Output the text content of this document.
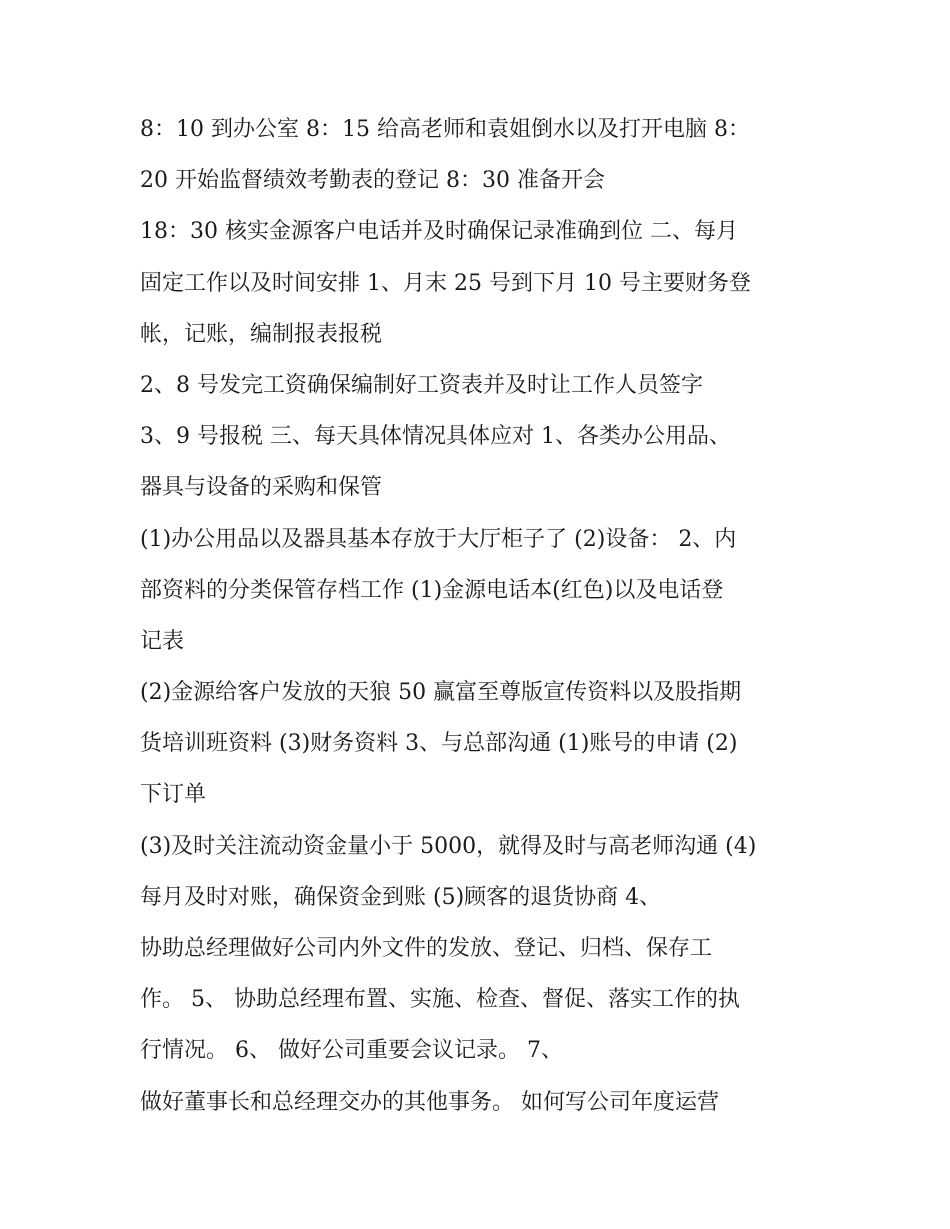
8：10 到办公室 8：15 给高老师和袁姐倒水以及打开电脑 8：
20 开始监督绩效考勤表的登记 8：30 准备开会
18：30 核实金源客户电话并及时确保记录准确到位 二、每月
固定工作以及时间安排 1、月末 25 号到下月 10 号主要财务登
帐，记账，编制报表报税
2、8 号发完工资确保编制好工资表并及时让工作人员签字
3、9 号报税 三、每天具体情况具体应对 1、各类办公用品、
器具与设备的采购和保管
(1)办公用品以及器具基本存放于大厅柜子了 (2)设备： 2、内
部资料的分类保管存档工作 (1)金源电话本(红色)以及电话登
记表
(2)金源给客户发放的天狼 50 赢富至尊版宣传资料以及股指期
货培训班资料 (3)财务资料 3、与总部沟通 (1)账号的申请 (2)
下订单
(3)及时关注流动资金量小于 5000，就得及时与高老师沟通 (4)
每月及时对账，确保资金到账 (5)顾客的退货协商 4、
协助总经理做好公司内外文件的发放、登记、归档、保存工
作。 5、 协助总经理布置、实施、检查、督促、落实工作的执
行情况。 6、 做好公司重要会议记录。 7、
做好董事长和总经理交办的其他事务。 如何写公司年度运营
